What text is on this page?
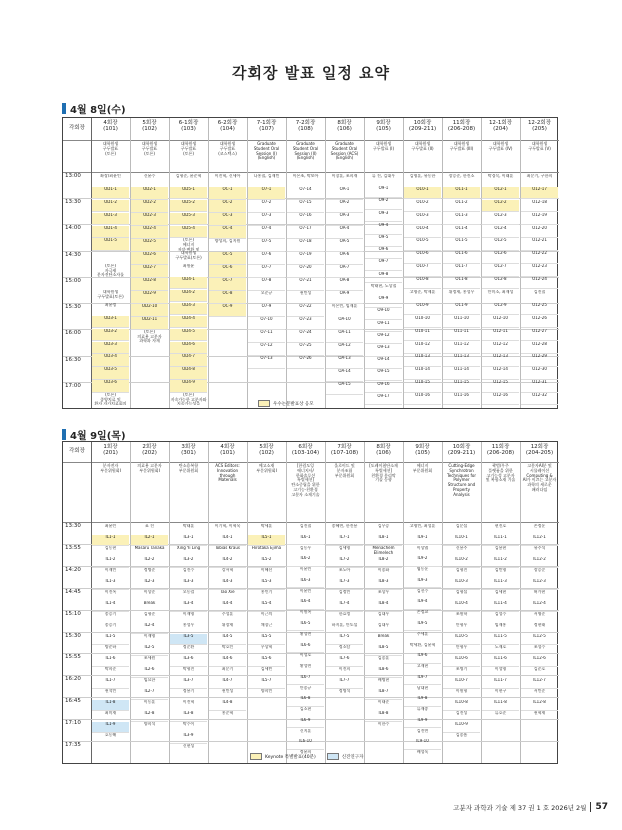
각회장 발표 일정 요약
4월 8일(수)
각회장
4회장
(101)
대학원생
구두발표
(토론)
5회장
(102)
대학원생
구두발표
(토론)
6-1회장
(103)
대학원생
구두발표
(토론)
6-2회장
(104)
대학원생
구두발표
(코스텍스)
7-1회장
(107)
Graduate
Student Oral
Session (I)
(English)
7-2회장
(108)
Graduate
Student Oral
Session (II)
(English)
8회장
(106)
Graduate
Student Oral
Session (ACS)
(English)
9회장
(105)
대학원생
구두발표 (I)
10회장
(209-211)
대학원생
구두발표 (II)
11회장
(206-208)
대학원생
구두발표 (III)
12-1회장
(204)
대학원생
구두발표 (IV)
12-2회장
(205)
대학원생
구두발표 (V)
13:00
13:30
14:00
14:30
15:00
15:30
16:00
16:30
17:00
좌장/최윤인
OD1-1
OD1-2
OD1-3
OD1-4
OD1-5
(토론)
자극제
분자진단소자를

대학원생
구두발표(토론)
최윤정
OD3-1
OD3-2
OD3-3
OD3-4
OD3-5
OD3-6
(토론)
종양치료 및
환자 자가치료회의

신윤수
OD2-1
OD2-2
OD2-3
OD2-4
OD2-5
OD2-6
OD2-7
OD2-8
OD2-9
OD2-10
OD2-11
(토론)
의료용 고분자
과학과 자재

김형준, 윤준혁
OD5-1
OD5-2
OD5-3
OD5-4
(토론)
에너지
저장·변환 및

대학원생
구두발표(토론)
최원윤
OD4-1
OD4-2
OD4-3
OD4-4
OD4-5
OD4-6
OD4-7
OD4-8
OD4-9
(토론)
지속가능한 고분자와
지속가능성을

이진혁, 신세아
OC-1
OC-2
OC-3
OC-4
양성희, 김지원
OC-5
OC-6
OC-7
OC-8
OC-9
나홍철, 김재민
O7-1
O7-2
O7-3
O7-4
O7-5
O7-6
O7-7
O7-8
오준규
O7-9
O7-10
O7-11
O7-12
O7-13
이은조, 박보아
O7-14
O7-15
O7-16
O7-17
O7-18
O7-19
O7-20
O7-21
권민성
O7-22
O7-23
O7-24
O7-25
O7-26
이창훈, 조희재
OA-1
OA-2
OA-3
OA-4
OA-5
OA-6
OA-7
OA-8
OA-9
이은민, 임재훈
OA-10
OA-11
OA-12
OA-13
OA-14
OA-15
류 진, 김대우
O9-1
O9-2
O9-3
O9-4
O9-5
O9-6
O9-7
O9-8
박태현, 노상철
O9-9
O9-10
O9-11
O9-12
O9-13
O9-14
O9-15
O9-16
O9-17
김영훈, 유동한
O10-1
O10-2
O10-3
O10-4
O10-5
O10-6
O10-7
O10-8
고영준, 박제훈
O10-9
O10-10
O10-11
O10-12
O10-13
O10-14
O10-15
O10-16
장승준, 한진소
O11-1
O11-2
O11-3
O11-4
O11-5
O11-6
O11-7
O11-8
위정제, 홍성우
O11-9
O11-10
O11-11
O11-12
O11-13
O11-14
O11-15
O11-16
박경묵, 이래훈
O12-1
O12-2
O12-3
O12-4
O12-5
O12-6
O12-7
O12-8
안미소, 최재성
O12-9
O12-10
O12-11
O12-12
O12-13
O12-14
O12-15
O12-16
최문기, 구한희
O12-17
O12-18
O12-19
O12-20
O12-21
O12-22
O12-23
O12-24
김진철
O12-25
O12-26
O12-27
O12-28
O12-29
O12-30
O12-31
O12-32
4월 9일(목)
각회장
1회장
(201)
분자전자
부문위원회I
2회장
(202)
의료용 고분자
부문위원회I
3회장
(301)
탄소융복합
부문위원회
4회장
(101)
ACS Editors:
Innovation
through
Materials
5회장
(102)
예고소재
부문위원회I
6회장
(103-104)
[한림도잉
에너지사/
한화솔루션
특별세션]
탄소중립을 위한
고기능·친환경
고분자 소재기술
7회장
(107-108)
올로이드 및
분자조립
부문위원회
8회장
(106)
[도레이첨단소재
특별세션]
친환경 분리막
기술 동향
9회장
(105)
에너지
부문위원회
10회장
(209-211)
Cutting-Edge
Synchrotron
Techniques for
Polymer
Structure and
Property
Analysis
11회장
(206-208)
곽범/우주
플랫폼을 위한
고기능성 고분자
및 복합소재 기술
12회장
(204-205)
고분자AI분 및
시뮬레이션
Computing &
AI가 이끄는 고분자
과학의 새로운
패러다임
13:30
13:55
14:20
14:45
15:10
15:30
15:55
16:20
16:45
17:10
17:35
최윤인
IL1-1
김동현
IL1-2
이재민
IL1-3
이진옥
IL1-4
송승기
송승기
IL1-5
방준하
IL1-6
박희준
IL1-7
권석민
IL1-8
최미재
IL1-9
호동해
표 진
IL2-1
Masaru Tanaka
IL2-2
정병준
IL2-3
이상준
Break
김형준
IL2-4
이재영
IL2-5
조세원
IL2-6
임요한
IL2-7
이동훈
IL2-8
양희석
박태훈
IL3-1
Xing Yi Ling
IL3-2
김진수
IL3-3
오동렬
IL3-4
이재영
홍성우
IL3-5
정순환
IL3-6
박형진
IL3-7
정용기
이진혁
IL3-8
박수이
IL3-9
신현성
이기혁, 이혁욱
IL4-1
Tobias Kraus
IL4-2
강서혁
IL4-3
Tao Xie
IL4-4
주성훈
위장제
IL4-5
박호인
IL4-6
최문기
IL4-7
권민성
IL4-8
홍순혁
박세훈
IL5-1
Hirotaka Ejima
IL5-2
이혜선
IL5-3
홍인기
IL5-4
이근의
채창근
IL5-5
우상혁
IL5-6
김세빈
IL5-7
양희민
김진철
IL6-1
김동우
IL6-2
이윤민
IL6-3
이윤민
IL6-4
이원록
IL6-5
황성연
IL6-6
이성호
황성연
IL6-7
안종규
IL6-8
김소현
IL6-9
신지훈
IL6-10
정윤희
송혜연, 한진용
IL7-1
김세영
IL7-2
조노아
IL7-3
김정민
IL7-4
한효정
하지훈, 안도섭
IL7-5
정소담
IL7-6
이진희
IL7-7
정명석
김우승
IL8-1
Menachem Elimelech
IL8-2
이종화
IL8-3
조상우
IL8-4
김대우
김대우
Break
IL8-5
김종훈
IL8-6
배병현
IL8-7
이태준
IL8-8
이한수
고영민, 최성훈
IL9-1
이상엽
IL9-2
염동운
IL9-3
김선수
IL9-4
손정교
IL9-5
주세훈
박세환, 김윤혁
IL9-6
고재현
IL9-7
남대현
IL9-8
류재송
IL9-9
김진연
IL9-10
배성욱
김문섭
IL10-1
신용주
IL10-2
김형진
IL10-3
김형섭
IL10-4
조원학
안형우
IL10-5
안형우
IL10-6
조명기
IL10-7
이원형
IL10-8
김진성
IL10-9
김종흠
현진호
IL11-1
김용현
IL11-2
김민영
IL11-3
김세현
IL11-4
김성수
임재홍
IL11-5
노재호
IL11-6
이성영
IL11-7
이현구
IL11-8
류호준
손정운
IL12-1
유주석
IL12-2
장승순
IL12-3
허가현
IL12-4
서영준
정현태
IL12-5
조성수
IL12-6
김준호
IL12-7
서민준
IL12-8
권혁제
고분자 과학과 기술 제 37 권 1 호 2026년 2월	57
우수논문발표상 응모
Keynote 특별발표(40분)	신진연구자
